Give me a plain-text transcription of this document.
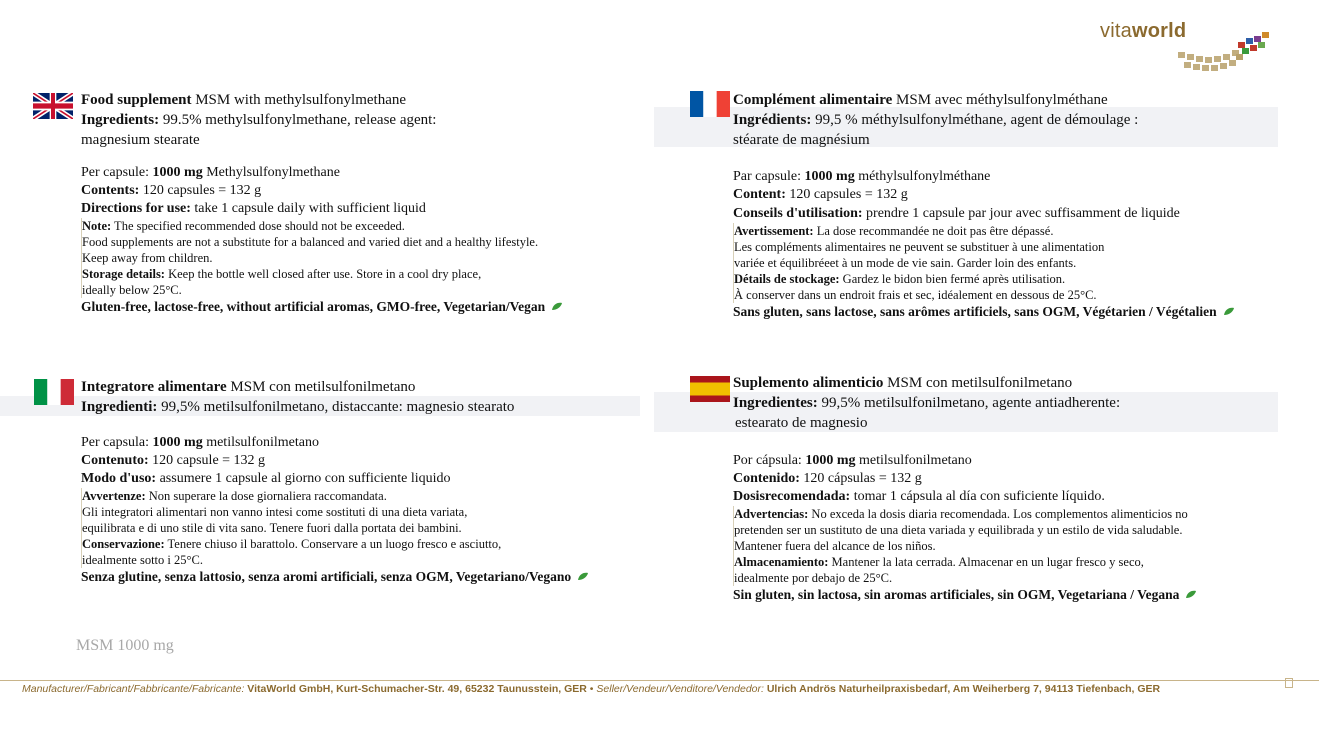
vitaworld
Food supplement MSM with methylsulfonylmethane
Ingredients: 99.5% methylsulfonylmethane, release agent:
magnesium stearate
Per capsule: 1000 mg Methylsulfonylmethane
Contents: 120 capsules = 132 g
Directions for use: take 1 capsule daily with sufficient liquid
Note: The specified recommended dose should not be exceeded.
Food supplements are not a substitute for a balanced and varied diet and a healthy lifestyle.
Keep away from children.
Storage details: Keep the bottle well closed after use. Store in a cool dry place,
ideally below 25°C.
Gluten-free, lactose-free, without artificial aromas, GMO-free, Vegetarian/Vegan
Complément alimentaire MSM avec méthylsulfonylméthane
Ingrédients: 99,5 % méthylsulfonylméthane, agent de démoulage :
stéarate de magnésium
Par capsule: 1000 mg méthylsulfonylméthane
Content: 120 capsules = 132 g
Conseils d'utilisation: prendre 1 capsule par jour avec suffisamment de liquide
Avertissement: La dose recommandée ne doit pas être dépassé.
Les compléments alimentaires ne peuvent se substituer à une alimentation
variée et équilibréeet à un mode de vie sain. Garder loin des enfants.
Détails de stockage: Gardez le bidon bien fermé après utilisation.
À conserver dans un endroit frais et sec, idéalement en dessous de 25°C.
Sans gluten, sans lactose, sans arômes artificiels, sans OGM, Végétarien / Végétalien
Integratore alimentare MSM con metilsulfonilmetano
Ingredienti: 99,5% metilsulfonilmetano, distaccante: magnesio stearato
Per capsula: 1000 mg metilsulfonilmetano
Contenuto: 120 capsule = 132 g
Modo d'uso: assumere 1 capsule al giorno con sufficiente liquido
Avvertenze: Non superare la dose giornaliera raccomandata.
Gli integratori alimentari non vanno intesi come sostituti di una dieta variata,
equilibrata e di uno stile di vita sano. Tenere fuori dalla portata dei bambini.
Conservazione: Tenere chiuso il barattolo. Conservare a un luogo fresco e asciutto,
idealmente sotto i 25°C.
Senza glutine, senza lattosio, senza aromi artificiali, senza OGM, Vegetariano/Vegano
Suplemento alimenticio MSM con metilsulfonilmetano
Ingredientes: 99,5% metilsulfonilmetano, agente antiadherente:
estearato de magnesio
Por cápsula: 1000 mg metilsulfonilmetano
Contenido: 120 cápsulas = 132 g
Dosisrecomendada: tomar 1 cápsula al día con suficiente líquido.
Advertencias: No exceda la dosis diaria recomendada. Los complementos alimenticios no
pretenden ser un sustituto de una dieta variada y equilibrada y un estilo de vida saludable.
Mantener fuera del alcance de los niños.
Almacenamiento: Mantener la lata cerrada. Almacenar en un lugar fresco y seco,
idealmente por debajo de 25°C.
Sin gluten, sin lactosa, sin aromas artificiales, sin OGM, Vegetariana / Vegana
MSM 1000 mg
Manufacturer/Fabricant/Fabbricante/Fabricante: VitaWorld GmbH, Kurt-Schumacher-Str. 49, 65232 Taunusstein, GER • Seller/Vendeur/Venditore/Vendedor: Ulrich Andrös Naturheilpraxisbedarf, Am Weiherberg 7, 94113 Tiefenbach, GER
